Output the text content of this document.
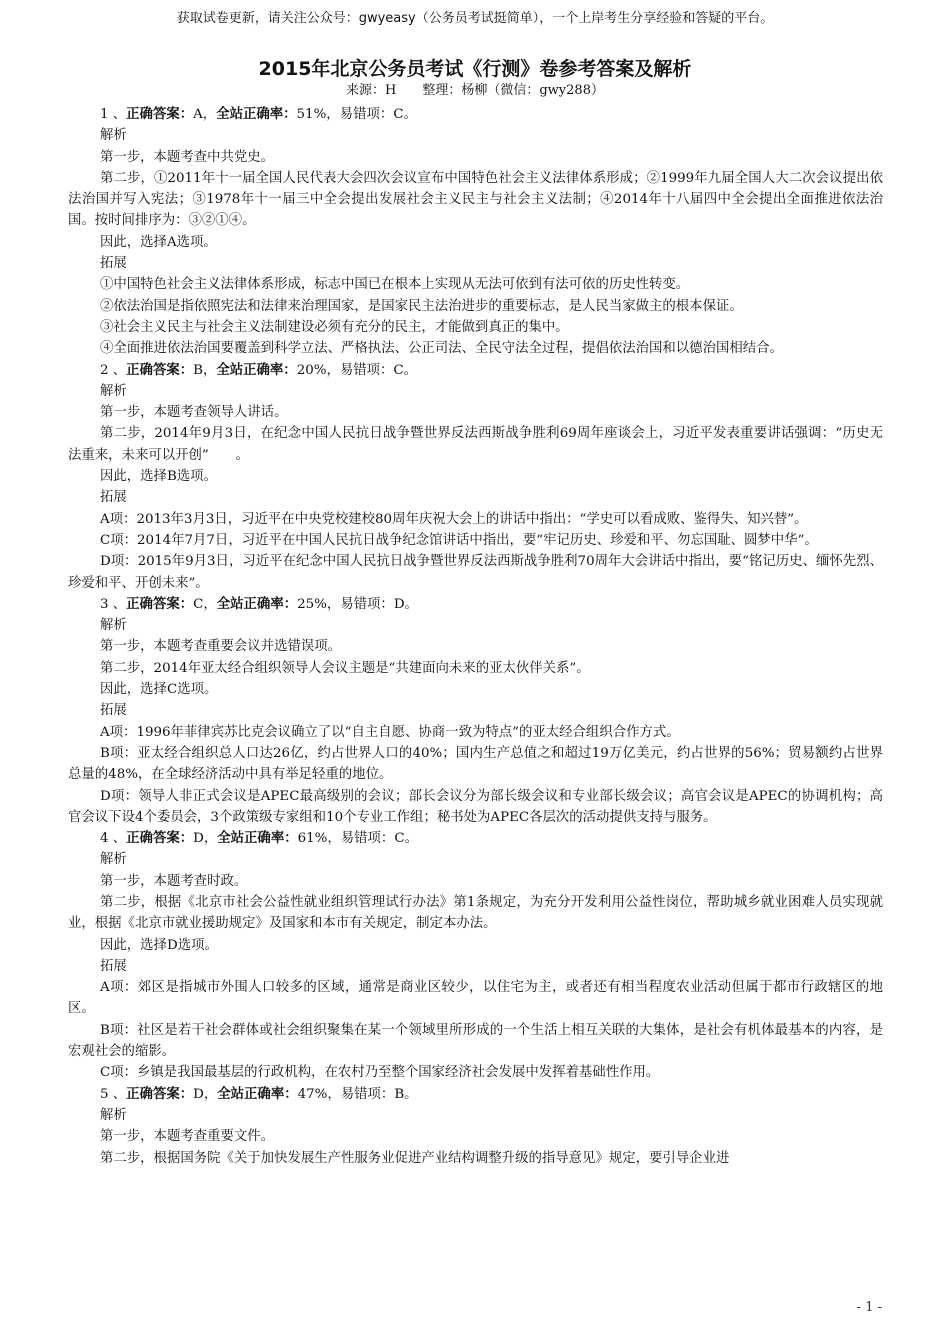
获取试卷更新，请关注公众号：gwyeasy（公务员考试挺简单），一个上岸考生分享经验和答疑的平台。
2015年北京公务员考试《行测》卷参考答案及解析
来源：H　　整理：杨柳（微信：gwy288）
1 、正确答案：A，全站正确率：51%，易错项：C。
解析
第一步，本题考查中共党史。
第二步，①2011年十一届全国人民代表大会四次会议宣布中国特色社会主义法律体系形成；②1999年九届全国人大二次会议提出依法治国并写入宪法；③1978年十一届三中全会提出发展社会主义民主与社会主义法制；④2014年十八届四中全会提出全面推进依法治国。按时间排序为：③②①④。
因此，选择A选项。
拓展
①中国特色社会主义法律体系形成，标志中国已在根本上实现从无法可依到有法可依的历史性转变。
②依法治国是指依照宪法和法律来治理国家，是国家民主法治进步的重要标志，是人民当家做主的根本保证。
③社会主义民主与社会主义法制建设必须有充分的民主，才能做到真正的集中。
④全面推进依法治国要覆盖到科学立法、严格执法、公正司法、全民守法全过程，提倡依法治国和以德治国相结合。
2 、正确答案：B，全站正确率：20%，易错项：C。
解析
第一步，本题考查领导人讲话。
第二步，2014年9月3日，在纪念中国人民抗日战争暨世界反法西斯战争胜利69周年座谈会上，习近平发表重要讲话强调：“历史无法重来，未来可以开创”　　。
因此，选择B选项。
拓展
A项：2013年3月3日，习近平在中央党校建校80周年庆祝大会上的讲话中指出：“学史可以看成败、鉴得失、知兴替”。
C项：2014年7月7日，习近平在中国人民抗日战争纪念馆讲话中指出，要“牢记历史、珍爱和平、勿忘国耻、圆梦中华”。
D项：2015年9月3日，习近平在纪念中国人民抗日战争暨世界反法西斯战争胜利70周年大会讲话中指出，要“铭记历史、缅怀先烈、珍爱和平、开创未来”。
3 、正确答案：C，全站正确率：25%，易错项：D。
解析
第一步，本题考查重要会议并选错误项。
第二步，2014年亚太经合组织领导人会议主题是“共建面向未来的亚太伙伴关系”。
因此，选择C选项。
拓展
A项：1996年菲律宾苏比克会议确立了以“自主自愿、协商一致为特点”的亚太经合组织合作方式。
B项：亚太经合组织总人口达26亿，约占世界人口的40%；国内生产总值之和超过19万亿美元，约占世界的56%；贸易额约占世界总量的48%，在全球经济活动中具有举足轻重的地位。
D项：领导人非正式会议是APEC最高级别的会议；部长会议分为部长级会议和专业部长级会议；高官会议是APEC的协调机构；高官会议下设4个委员会，3个政策级专家组和10个专业工作组；秘书处为APEC各层次的活动提供支持与服务。
4 、正确答案：D，全站正确率：61%，易错项：C。
解析
第一步，本题考查时政。
第二步，根据《北京市社会公益性就业组织管理试行办法》第1条规定，为充分开发利用公益性岗位，帮助城乡就业困难人员实现就业，根据《北京市就业援助规定》及国家和本市有关规定，制定本办法。
因此，选择D选项。
拓展
A项：郊区是指城市外围人口较多的区域，通常是商业区较少，以住宅为主，或者还有相当程度农业活动但属于都市行政辖区的地区。
B项：社区是若干社会群体或社会组织聚集在某一个领域里所形成的一个生活上相互关联的大集体，是社会有机体最基本的内容，是宏观社会的缩影。
C项：乡镇是我国最基层的行政机构，在农村乃至整个国家经济社会发展中发挥着基础性作用。
5 、正确答案：D，全站正确率：47%，易错项：B。
解析
第一步，本题考查重要文件。
第二步，根据国务院《关于加快发展生产性服务业促进产业结构调整升级的指导意见》规定，要引导企业进
- 1 -
